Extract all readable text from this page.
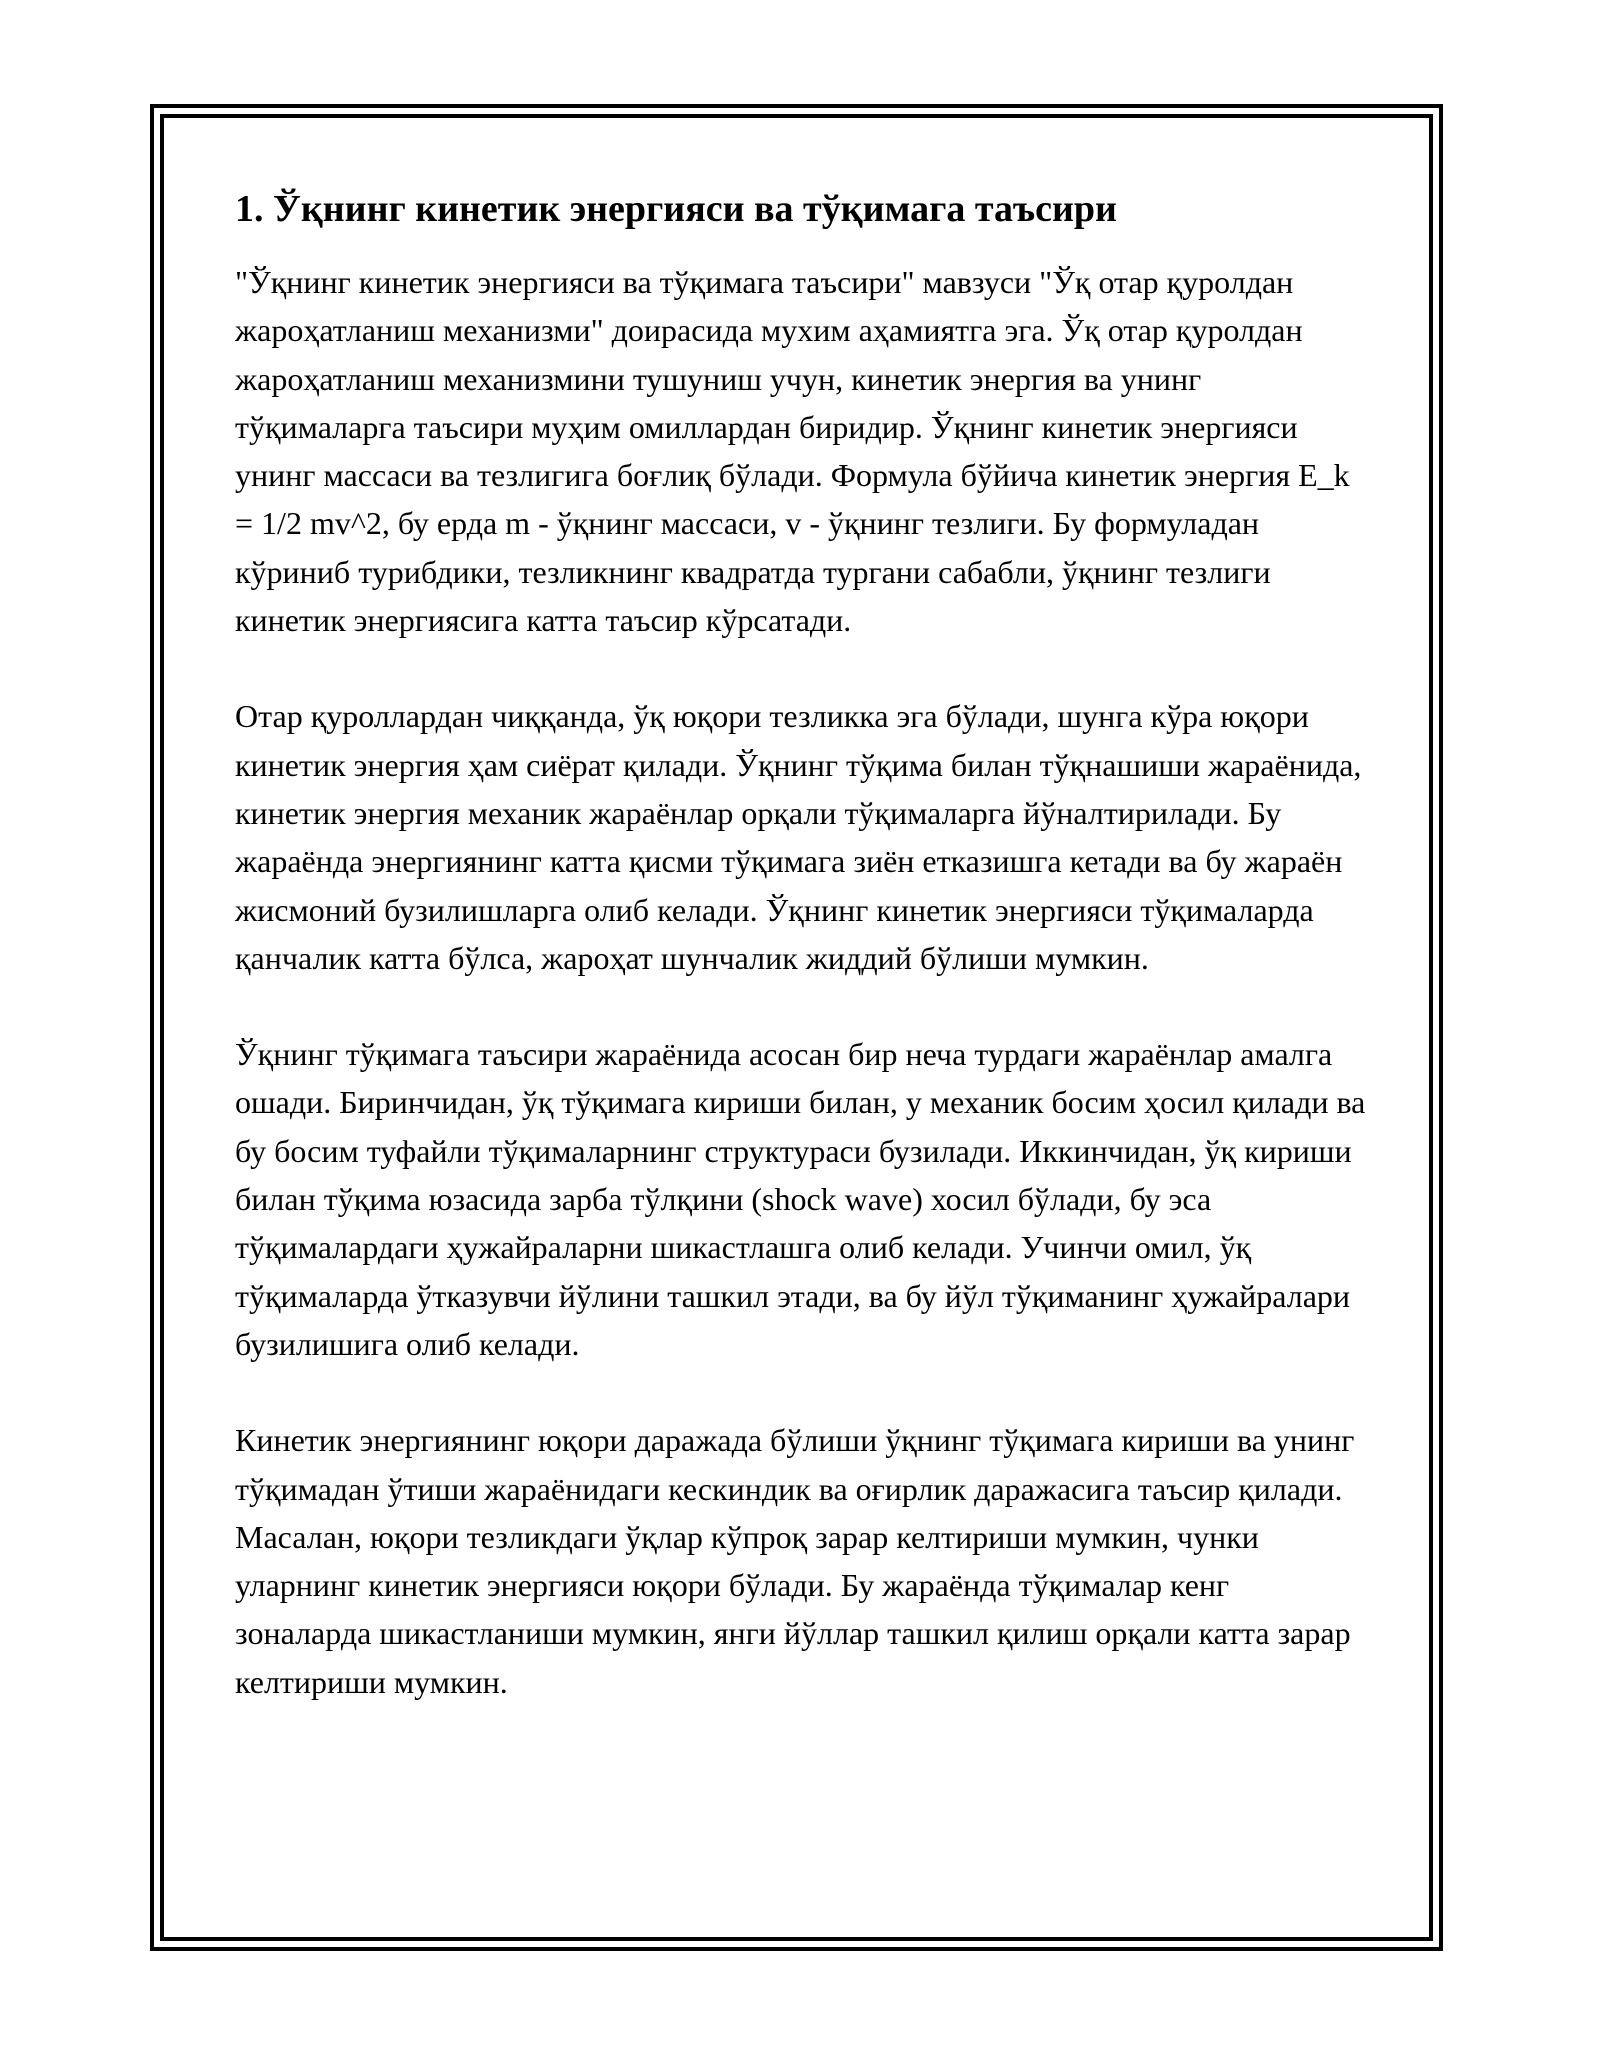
1. Ўқнинг кинетик энергияси ва тўқимага таъсири

"Ўқнинг кинетик энергияси ва тўқимага таъсири" мавзуси "Ўқ отар қуролдан жароҳатланиш механизми" доирасида мухим аҳамиятга эга. Ўқ отар қуролдан жароҳатланиш механизмини тушуниш учун, кинетик энергия ва унинг тўқималарга таъсири муҳим омиллардан биридир. Ўқнинг кинетик энергияси унинг массаси ва тезлигига боғлиқ бўлади. Формула бўйича кинетик энергия E_k = 1/2 mv^2, бу ерда m - ўқнинг массаси, v - ўқнинг тезлиги. Бу формуладан кўриниб турибдики, тезликнинг квадратда тургани сабабли, ўқнинг тезлиги кинетик энергиясига катта таъсир кўрсатади.

Отар қуроллардан чиққанда, ўқ юқори тезликка эга бўлади, шунга кўра юқори кинетик энергия ҳам сиёрат қилади. Ўқнинг тўқима билан тўқнашиши жараёнида, кинетик энергия механик жараёнлар орқали тўқималарга йўналтирилади. Бу жараёнда энергиянинг катта қисми тўқимага зиён етказишга кетади ва бу жараён жисмоний бузилишларга олиб келади. Ўқнинг кинетик энергияси тўқималарда қанчалик катта бўлса, жароҳат шунчалик жиддий бўлиши мумкин.

Ўқнинг тўқимага таъсири жараёнида асосан бир неча турдаги жараёнлар амалга ошади. Биринчидан, ўқ тўқимага кириши билан, у механик босим ҳосил қилади ва бу босим туфайли тўқималарнинг структураси бузилади. Иккинчидан, ўқ кириши билан тўқима юзасида зарба тўлқини (shock wave) хосил бўлади, бу эса тўқималардаги ҳужайраларни шикастлашга олиб келади. Учинчи омил, ўқ тўқималарда ўтказувчи йўлини ташкил этади, ва бу йўл тўқиманинг ҳужайралари бузилишига олиб келади.

Кинетик энергиянинг юқори даражада бўлиши ўқнинг тўқимага кириши ва унинг тўқимадан ўтиши жараёнидаги кескиндик ва оғирлик даражасига таъсир қилади. Масалан, юқори тезликдаги ўқлар кўпроқ зарар келтириши мумкин, чунки уларнинг кинетик энергияси юқори бўлади. Бу жараёнда тўқималар кенг зоналарда шикастланиши мумкин, янги йўллар ташкил қилиш орқали катта зарар келтириши мумкин.
